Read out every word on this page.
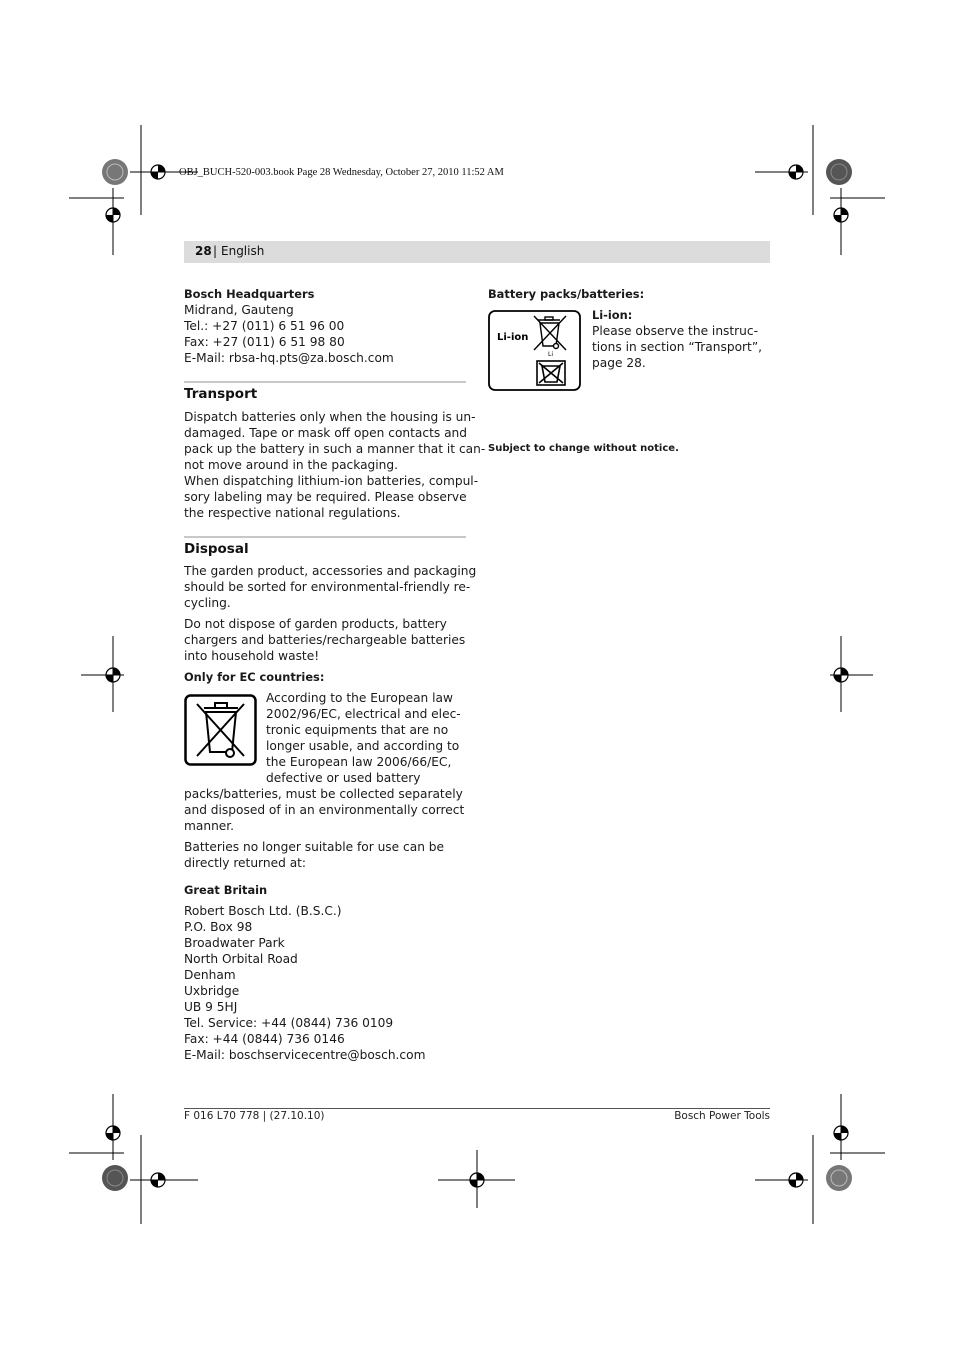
OBJ_BUCH-520-003.book Page 28 Wednesday, October 27, 2010 11:52 AM
28 | English
Bosch Headquarters
Midrand, Gauteng
Tel.: +27 (011) 6 51 96 00
Fax: +27 (011) 6 51 98 80
E-Mail: rbsa-hq.pts@za.bosch.com
Transport
Dispatch batteries only when the housing is un-
damaged. Tape or mask off open contacts and
pack up the battery in such a manner that it can-
not move around in the packaging.
When dispatching lithium-ion batteries, compul-
sory labeling may be required. Please observe
the respective national regulations.
Disposal
The garden product, accessories and packaging
should be sorted for environmental-friendly re-
cycling.
Do not dispose of garden products, battery
chargers and batteries/rechargeable batteries
into household waste!
Only for EC countries:
According to the European law
2002/96/EC, electrical and elec-
tronic equipments that are no
longer usable, and according to
the European law 2006/66/EC,
defective or used battery
packs/batteries, must be collected separately
and disposed of in an environmentally correct
manner.
Batteries no longer suitable for use can be
directly returned at:
Great Britain
Robert Bosch Ltd. (B.S.C.)
P.O. Box 98
Broadwater Park
North Orbital Road
Denham
Uxbridge
UB 9 5HJ
Tel. Service: +44 (0844) 736 0109
Fax: +44 (0844) 736 0146
E-Mail: boschservicecentre@bosch.com
Battery packs/batteries:
Li-ion
Li
Li-ion:
Please observe the instruc-
tions in section “Transport”,
page 28.
Subject to change without notice.
F 016 L70 778 | (27.10.10)	Bosch Power Tools
